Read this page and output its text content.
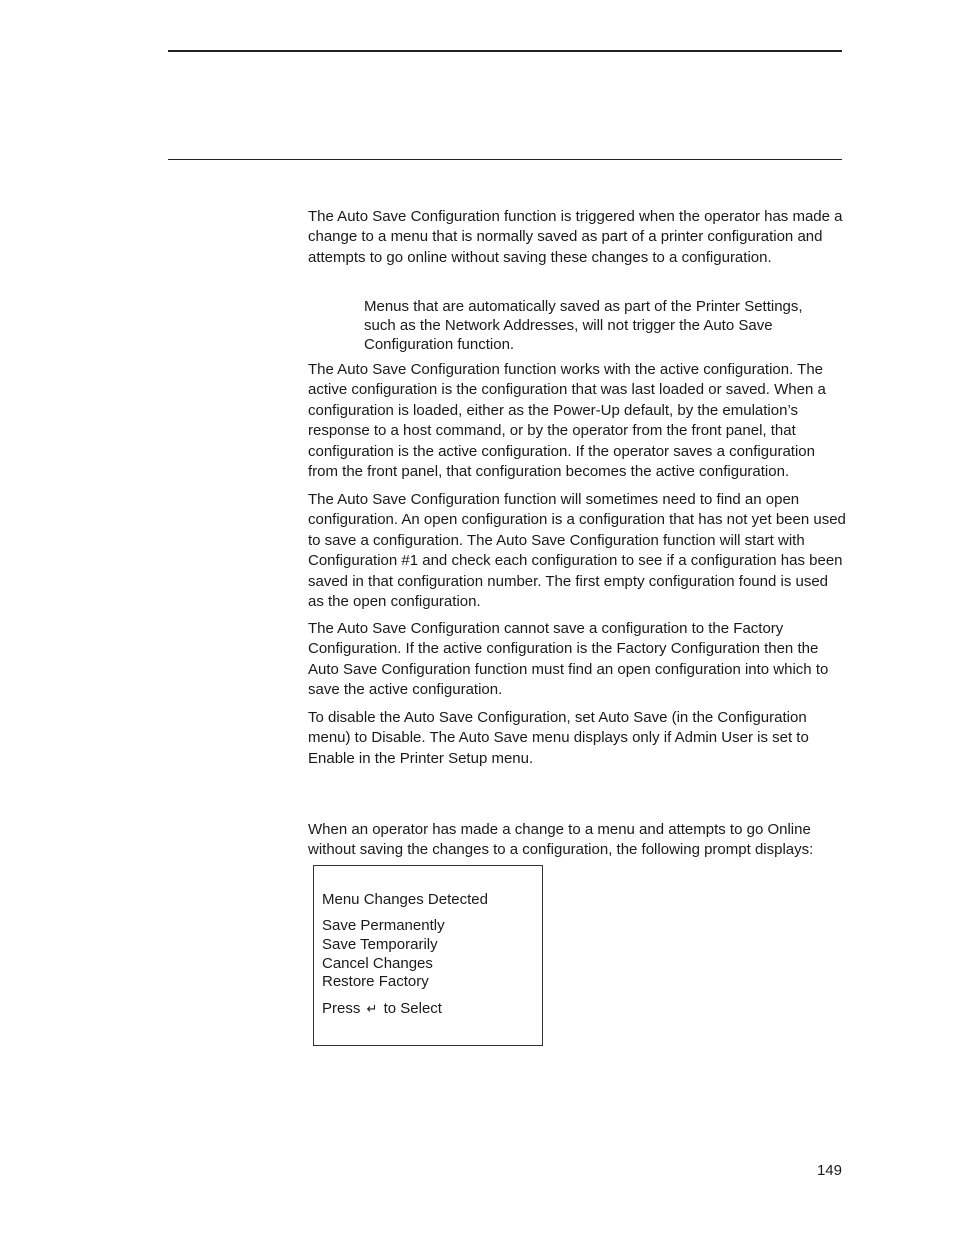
The Auto Save Configuration function is triggered when the operator has made a change to a menu that is normally saved as part of a printer configuration and attempts to go online without saving these changes to a configuration.

Menus that are automatically saved as part of the Printer Settings, such as the Network Addresses, will not trigger the Auto Save Configuration function.

The Auto Save Configuration function works with the active configuration. The active configuration is the configuration that was last loaded or saved. When a configuration is loaded, either as the Power-Up default, by the emulation’s response to a host command, or by the operator from the front panel, that configuration is the active configuration. If the operator saves a configuration from the front panel, that configuration becomes the active configuration.

The Auto Save Configuration function will sometimes need to find an open configuration. An open configuration is a configuration that has not yet been used to save a configuration. The Auto Save Configuration function will start with Configuration #1 and check each configuration to see if a configuration has been saved in that configuration number. The first empty configuration found is used as the open configuration.

The Auto Save Configuration cannot save a configuration to the Factory Configuration. If the active configuration is the Factory Configuration then the Auto Save Configuration function must find an open configuration into which to save the active configuration.

To disable the Auto Save Configuration, set Auto Save (in the Configuration menu) to Disable. The Auto Save menu displays only if Admin User is set to Enable in the Printer Setup menu.

When an operator has made a change to a menu and attempts to go Online without saving the changes to a configuration, the following prompt displays:

Menu Changes Detected
Save Permanently
Save Temporarily
Cancel Changes
Restore Factory
Press ↵ to Select
149
